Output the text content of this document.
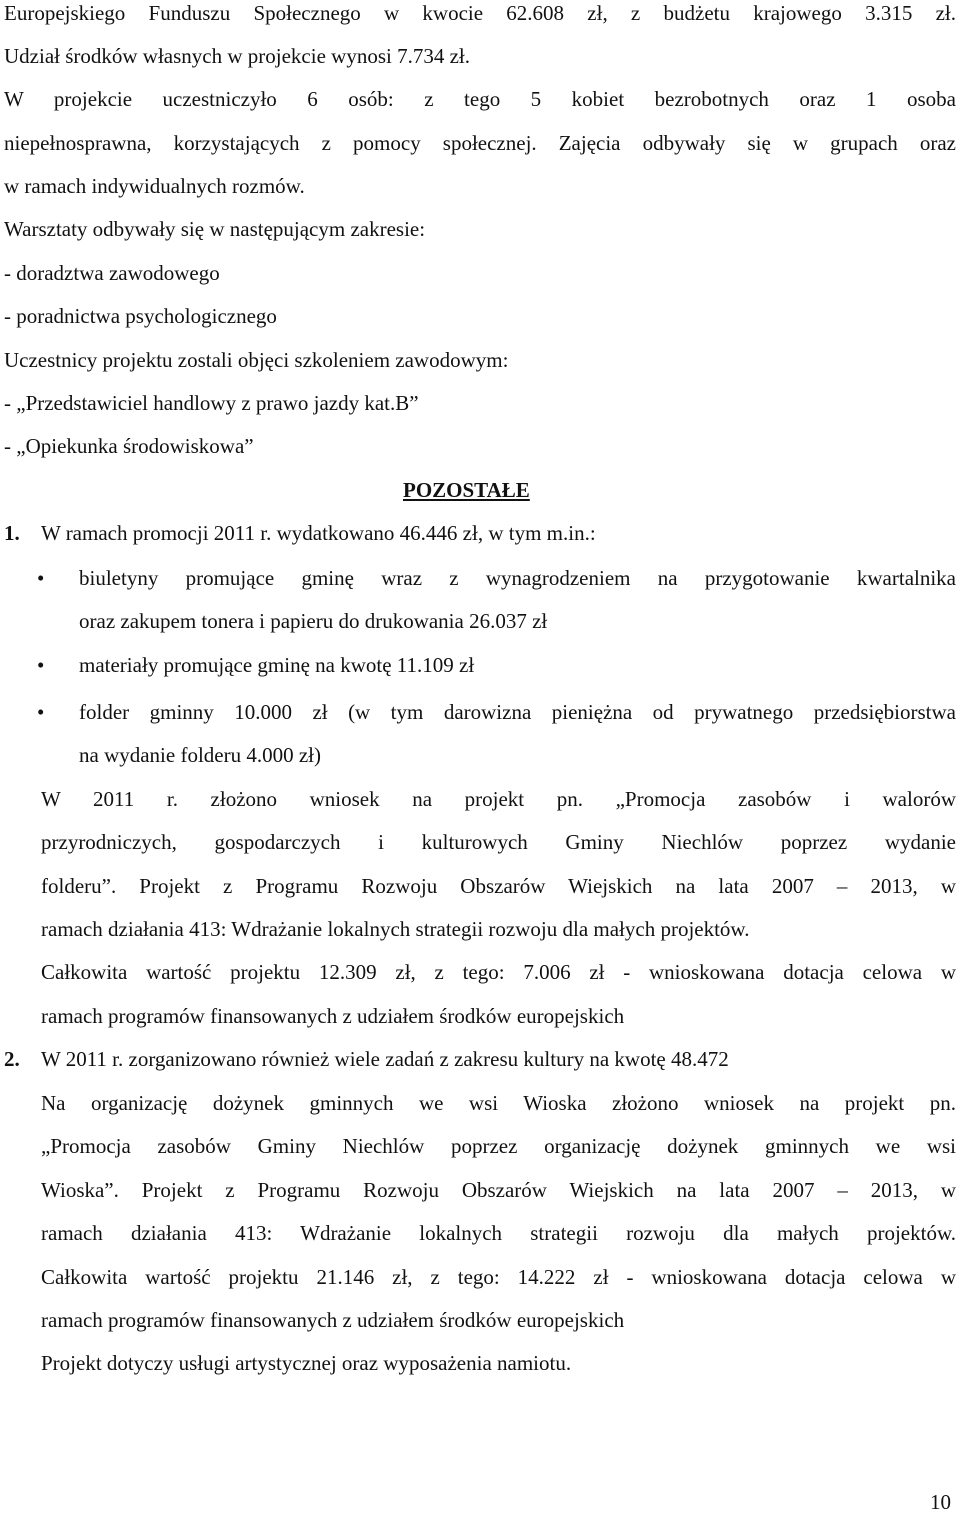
Europejskiego Funduszu Społecznego w kwocie 62.608 zł, z budżetu krajowego 3.315 zł.
Udział środków własnych w projekcie wynosi 7.734 zł.
W projekcie uczestniczyło 6 osób: z tego 5 kobiet bezrobotnych oraz 1 osoba
niepełnosprawna, korzystających z pomocy społecznej. Zajęcia odbywały się w grupach oraz
w ramach indywidualnych rozmów.
Warsztaty odbywały się w następującym zakresie:
- doradztwa zawodowego
- poradnictwa psychologicznego
Uczestnicy projektu zostali objęci szkoleniem zawodowym:
- „Przedstawiciel handlowy z prawo jazdy kat.B”
- „Opiekunka środowiskowa”
POZOSTAŁE
1. W ramach promocji 2011 r. wydatkowano 46.446 zł, w tym m.in.:
• biuletyny promujące gminę wraz z wynagrodzeniem na przygotowanie kwartalnika
oraz zakupem tonera i papieru do drukowania 26.037 zł
• materiały promujące gminę na kwotę 11.109 zł
• folder gminny 10.000 zł (w tym darowizna pieniężna od prywatnego przedsiębiorstwa
na wydanie folderu 4.000 zł)
W 2011 r. złożono wniosek na projekt pn. „Promocja zasobów i walorów
przyrodniczych, gospodarczych i kulturowych Gminy Niechlów poprzez wydanie
folderu”. Projekt z Programu Rozwoju Obszarów Wiejskich na lata 2007 – 2013, w
ramach działania 413: Wdrażanie lokalnych strategii rozwoju dla małych projektów.
Całkowita wartość projektu 12.309 zł, z tego: 7.006 zł - wnioskowana dotacja celowa w
ramach programów finansowanych z udziałem środków europejskich
2. W 2011 r. zorganizowano również wiele zadań z zakresu kultury na kwotę 48.472
Na organizację dożynek gminnych we wsi Wioska złożono wniosek na projekt pn.
„Promocja zasobów Gminy Niechlów poprzez organizację dożynek gminnych we wsi
Wioska”. Projekt z Programu Rozwoju Obszarów Wiejskich na lata 2007 – 2013, w
ramach działania 413: Wdrażanie lokalnych strategii rozwoju dla małych projektów.
Całkowita wartość projektu 21.146 zł, z tego: 14.222 zł - wnioskowana dotacja celowa w
ramach programów finansowanych z udziałem środków europejskich
Projekt dotyczy usługi artystycznej oraz wyposażenia namiotu.
10
